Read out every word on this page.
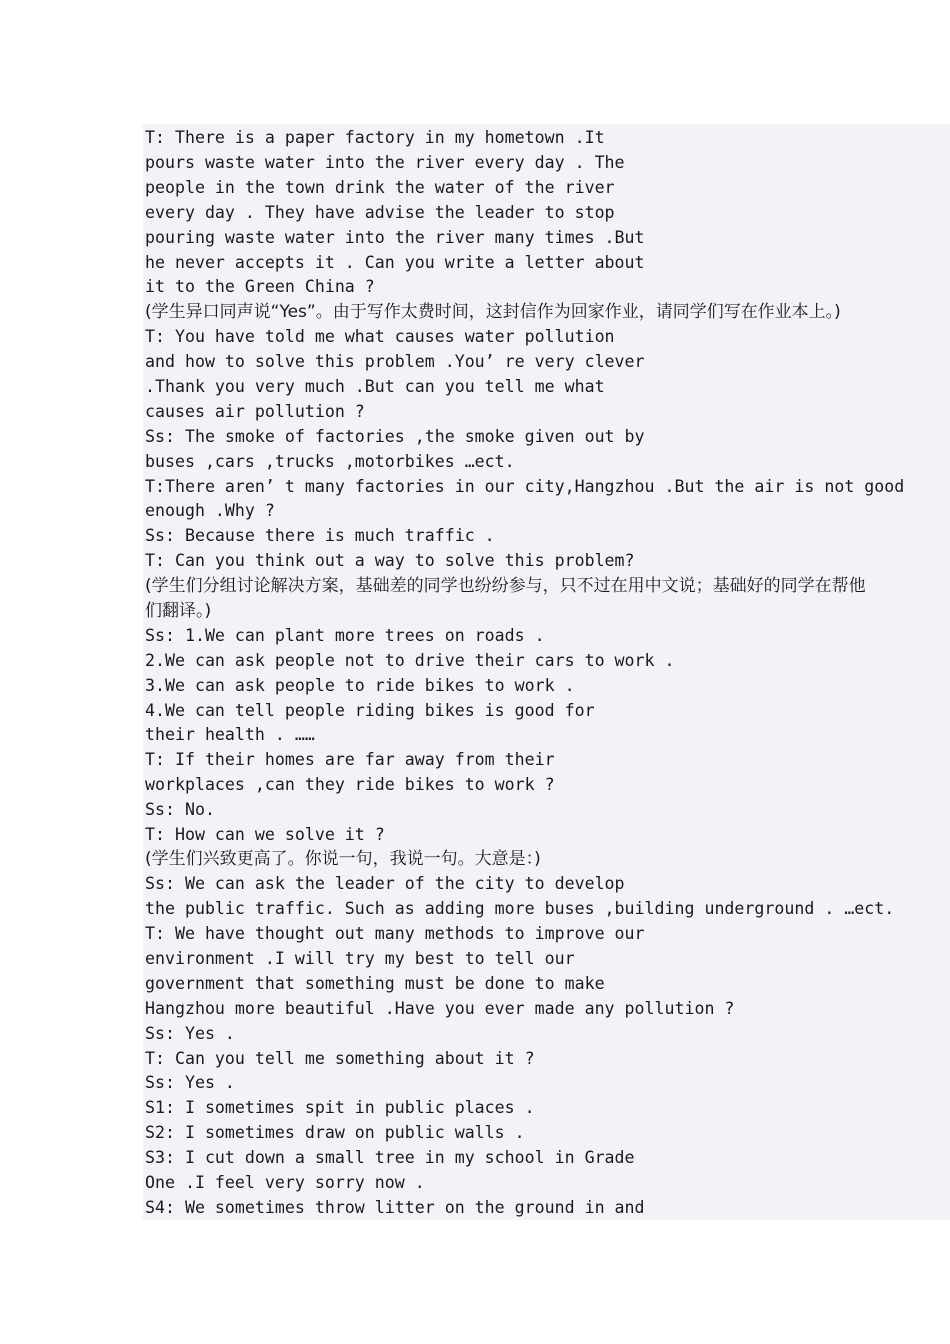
T: There is a paper factory in my hometown .It
pours waste water into the river every day . The
people in the town drink the water of the river
every day . They have advise the leader to stop
pouring waste water into the river many times .But
he never accepts it . Can you write a letter about
it to the Green China ?
(学生异口同声说“Yes”。由于写作太费时间，这封信作为回家作业，请同学们写在作业本上。)
T: You have told me what causes water pollution
and how to solve this problem .You’ re very clever
.Thank you very much .But can you tell me what
causes air pollution ?
Ss: The smoke of factories ,the smoke given out by
buses ,cars ,trucks ,motorbikes …ect.
T:There aren’ t many factories in our city,Hangzhou .But the air is not good
enough .Why ?
Ss: Because there is much traffic .
T: Can you think out a way to solve this problem?
(学生们分组讨论解决方案，基础差的同学也纷纷参与，只不过在用中文说；基础好的同学在帮他
们翻译。)
Ss: 1.We can plant more trees on roads .
2.We can ask people not to drive their cars to work .
3.We can ask people to ride bikes to work .
4.We can tell people riding bikes is good for
their health . ……
T: If their homes are far away from their
workplaces ,can they ride bikes to work ?
Ss: No.
T: How can we solve it ?
(学生们兴致更高了。你说一句，我说一句。大意是：)
Ss: We can ask the leader of the city to develop
the public traffic. Such as adding more buses ,building underground . …ect.
T: We have thought out many methods to improve our
environment .I will try my best to tell our
government that something must be done to make
Hangzhou more beautiful .Have you ever made any pollution ?
Ss: Yes .
T: Can you tell me something about it ?
Ss: Yes .
S1: I sometimes spit in public places .
S2: I sometimes draw on public walls .
S3: I cut down a small tree in my school in Grade
One .I feel very sorry now .
S4: We sometimes throw litter on the ground in and
